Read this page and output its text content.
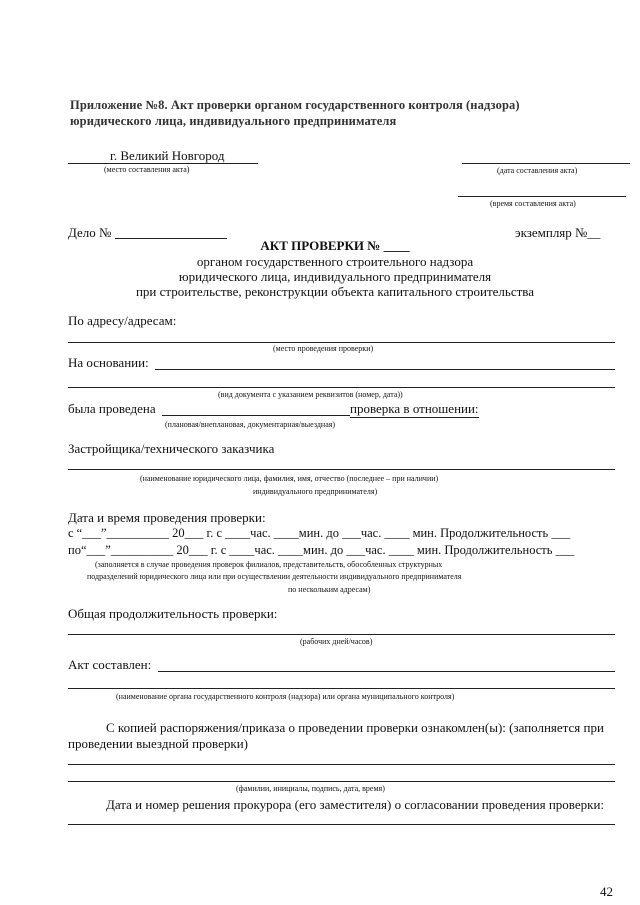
Приложение №8. Акт проверки органом государственного контроля (надзора)
юридического лица, индивидуального предпринимателя
г. Великий Новгород
(место составления акта)	(дата составления акта)
(время составления акта)
Дело №	экземпляр №__
АКТ ПРОВЕРКИ № ____
органом государственного строительного надзора
юридического лица, индивидуального предпринимателя
при строительстве, реконструкции объекта капитального строительства
По адресу/адресам:
(место проведения проверки)
На основании:
(вид документа с указанием реквизитов (номер, дата))
была проведена	проверка в отношении:
(плановая/внеплановая, документарная/выездная)
Застройщика/технического заказчика
(наименование юридического лица, фамилия, имя, отчество (последнее – при наличии)
индивидуального предпринимателя)
Дата и время проведения проверки:
с “___”__________ 20___ г. с ____час. ____мин. до ___час. ____ мин. Продолжительность ___
по“___”__________ 20___ г. с ____час. ____мин. до ___час. ____ мин. Продолжительность ___
(заполняется в случае проведения проверок филиалов, представительств, обособленных структурных
подразделений юридического лица или при осуществлении деятельности индивидуального предпринимателя
по нескольким адресам)
Общая продолжительность проверки:
(рабочих дней/часов)
Акт составлен:
(наименование органа государственного контроля (надзора) или органа муниципального контроля)
С копией распоряжения/приказа о проведении проверки ознакомлен(ы): (заполняется при
проведении выездной проверки)
(фамилии, инициалы, подпись, дата, время)
Дата и номер решения прокурора (его заместителя) о согласовании проведения проверки:
42
